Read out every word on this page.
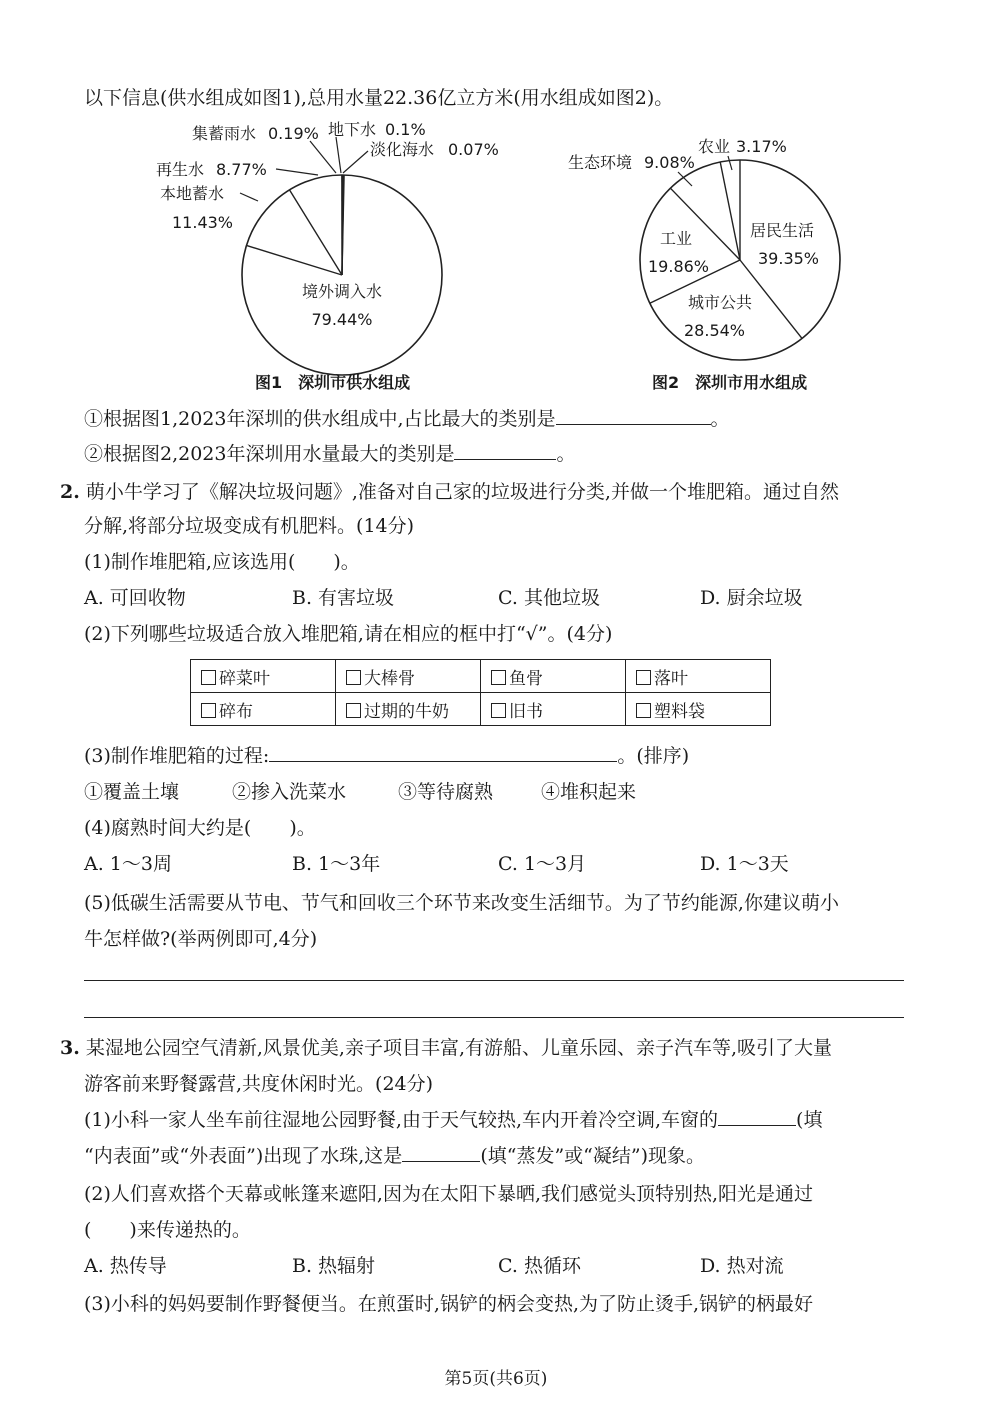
以下信息(供水组成如图1),总用水量22.36亿立方米(用水组成如图2)。
境外调入水
79.44%
本地蓄水
11.43%
再生水 8.77%
集蓄雨水 0.19% 地下水 0.1%
淡化海水 0.07%
图1　深圳市供水组成
居民生活
39.35%
城市公共
28.54%
工业
19.86%
生态环境 9.08%
农业 3.17%
图2　深圳市用水组成
①根据图1,2023年深圳的供水组成中,占比最大的类别是	。
②根据图2,2023年深圳用水量最大的类别是	。
2. 萌小牛学习了《解决垃圾问题》,准备对自己家的垃圾进行分类,并做一个堆肥箱。通过自然
分解,将部分垃圾变成有机肥料。(14分)
(1)制作堆肥箱,应该选用(　　)。
A. 可回收物	B. 有害垃圾	C. 其他垃圾	D. 厨余垃圾
(2)下列哪些垃圾适合放入堆肥箱,请在相应的框中打“√”。(4分)
碎菜叶	大棒骨	鱼骨	落叶
碎布	过期的牛奶	旧书	塑料袋
(3)制作堆肥箱的过程:	。(排序)
①覆盖土壤	②掺入洗菜水	③等待腐熟	④堆积起来
(4)腐熟时间大约是(　　)。
A. 1～3周	B. 1～3年	C. 1～3月	D. 1～3天
(5)低碳生活需要从节电、节气和回收三个环节来改变生活细节。为了节约能源,你建议萌小
牛怎样做?(举两例即可,4分)
3. 某湿地公园空气清新,风景优美,亲子项目丰富,有游船、儿童乐园、亲子汽车等,吸引了大量
游客前来野餐露营,共度休闲时光。(24分)
(1)小科一家人坐车前往湿地公园野餐,由于天气较热,车内开着冷空调,车窗的	(填
“内表面”或“外表面”)出现了水珠,这是	(填“蒸发”或“凝结”)现象。
(2)人们喜欢搭个天幕或帐篷来遮阳,因为在太阳下暴晒,我们感觉头顶特别热,阳光是通过
(　　)来传递热的。
A. 热传导	B. 热辐射	C. 热循环	D. 热对流
(3)小科的妈妈要制作野餐便当。在煎蛋时,锅铲的柄会变热,为了防止烫手,锅铲的柄最好
第5页(共6页)
